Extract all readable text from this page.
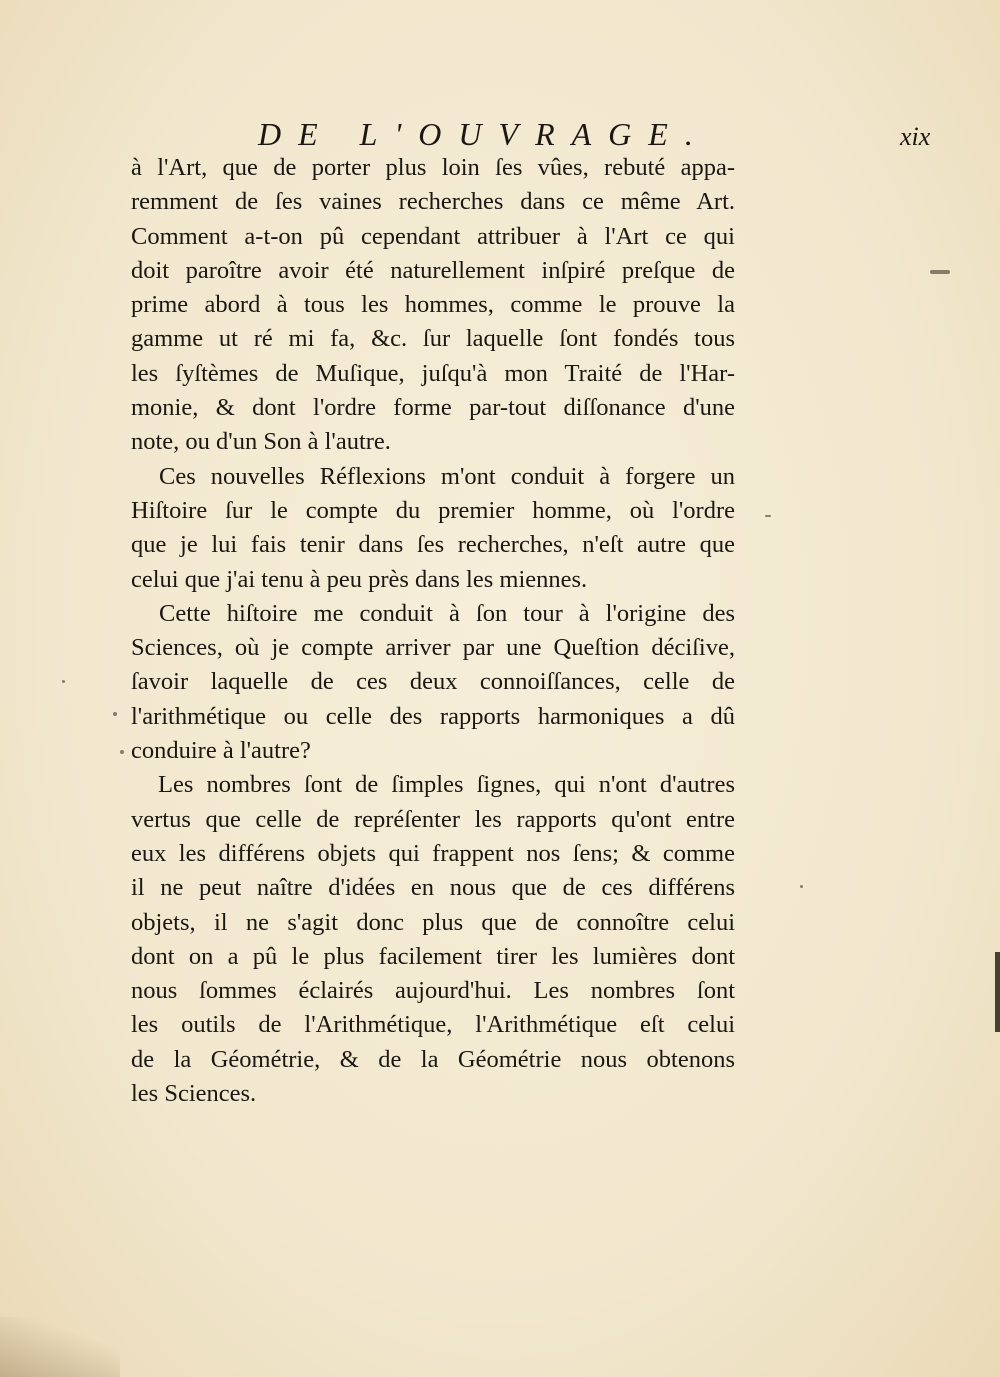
DE L'OUVRAGE.	xix
à l'Art, que de porter plus loin ſes vûes, rebuté appa-
remment de ſes vaines recherches dans ce même Art.
Comment a-t-on pû cependant attribuer à l'Art ce qui
doit paroître avoir été naturellement inſpiré preſque de
prime abord à tous les hommes, comme le prouve la
gamme ut ré mi fa, &c. ſur laquelle ſont fondés tous
les ſyſtèmes de Muſique, juſqu'à mon Traité de l'Har-
monie, & dont l'ordre forme par-tout diſſonance d'une
note, ou d'un Son à l'autre.
Ces nouvelles Réflexions m'ont conduit à forgere un
Hiſtoire ſur le compte du premier homme, où l'ordre
que je lui fais tenir dans ſes recherches, n'eſt autre que
celui que j'ai tenu à peu près dans les miennes.
Cette hiſtoire me conduit à ſon tour à l'origine des
Sciences, où je compte arriver par une Queſtion déciſive,
ſavoir laquelle de ces deux connoiſſances, celle de
l'arithmétique ou celle des rapports harmoniques a dû
conduire à l'autre?
Les nombres ſont de ſimples ſignes, qui n'ont d'autres
vertus que celle de repréſenter les rapports qu'ont entre
eux les différens objets qui frappent nos ſens; & comme
il ne peut naître d'idées en nous que de ces différens
objets, il ne s'agit donc plus que de connoître celui
dont on a pû le plus facilement tirer les lumières dont
nous ſommes éclairés aujourd'hui. Les nombres ſont
les outils de l'Arithmétique, l'Arithmétique eſt celui
de la Géométrie, & de la Géométrie nous obtenons
les Sciences.
